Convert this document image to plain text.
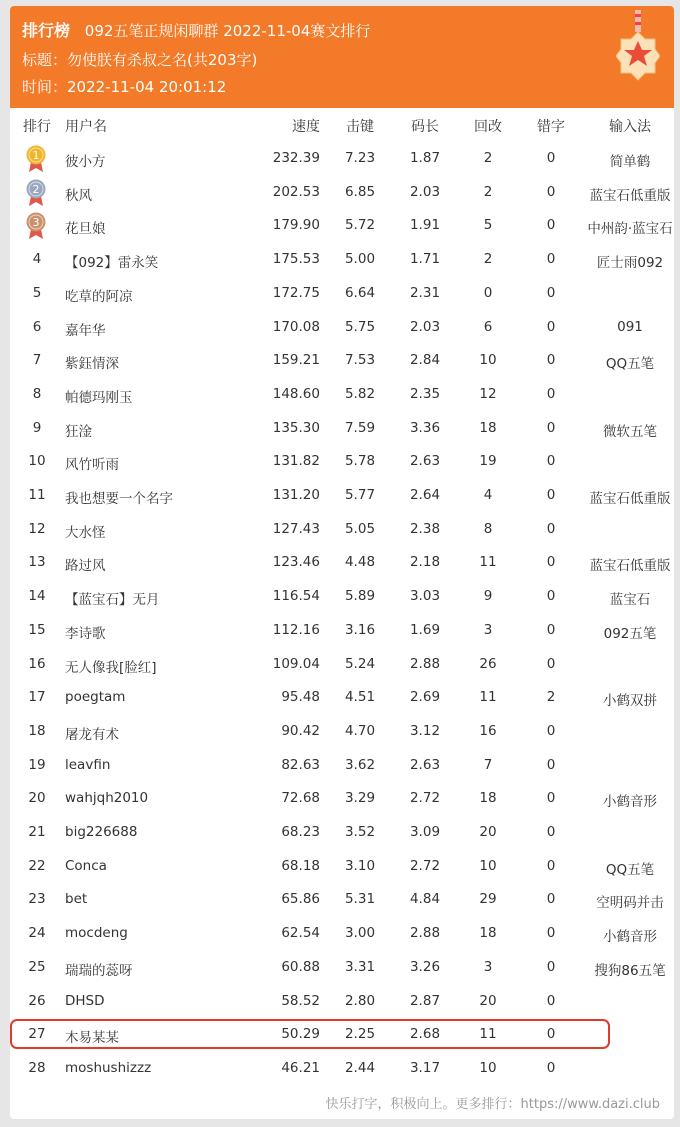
排行榜 092五笔正规闲聊群 2022-11-04赛文排行
标题：勿使朕有杀叔之名(共203字)
时间：2022-11-04 20:01:12
排行 用户名	速度	击键	码长	回改	错字	输入法
1 彼小方	232.39	7.23	1.87	2	0	简单鹤
2 秋风	202.53	6.85	2.03	2	0	蓝宝石低重版
3 花旦娘	179.90	5.72	1.91	5	0	中州韵·蓝宝石
4	【092】雷永笑	175.53	5.00	1.71	2	0	匠士雨092
5	吃草的阿凉	172.75	6.64	2.31	0	0
6	嘉年华	170.08	5.75	2.03	6	0	091
7	紫鈺情深	159.21	7.53	2.84	10	0	QQ五笔
8	帕德玛刚玉	148.60	5.82	2.35	12	0
9	狂淦	135.30	7.59	3.36	18	0	微软五笔
10	风竹听雨	131.82	5.78	2.63	19	0
11	我也想要一个名字	131.20	5.77	2.64	4	0	蓝宝石低重版
12	大水怪	127.43	5.05	2.38	8	0
13	路过风	123.46	4.48	2.18	11	0	蓝宝石低重版
14	【蓝宝石】无月	116.54	5.89	3.03	9	0	蓝宝石
15	李诗歌	112.16	3.16	1.69	3	0	092五笔
16	无人像我[脸红]	109.04	5.24	2.88	26	0
17	poegtam	95.48	4.51	2.69	11	2	小鹤双拼
18	屠龙有术	90.42	4.70	3.12	16	0
19	leavfin	82.63	3.62	2.63	7	0
20	wahjqh2010	72.68	3.29	2.72	18	0	小鹤音形
21	big226688	68.23	3.52	3.09	20	0
22	Conca	68.18	3.10	2.72	10	0	QQ五笔
23	bet	65.86	5.31	4.84	29	0	空明码并击
24	mocdeng	62.54	3.00	2.88	18	0	小鹤音形
25	瑞瑞的蕊呀	60.88	3.31	3.26	3	0	搜狗86五笔
26	DHSD	58.52	2.80	2.87	20	0
27	木易某某	50.29	2.25	2.68	11	0
28	moshushizzz	46.21	2.44	3.17	10	0
快乐打字，积极向上。更多排行：https://www.dazi.club
